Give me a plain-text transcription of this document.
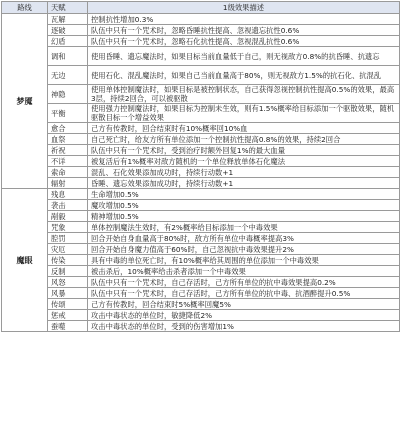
路线	天赋	1级效果描述
梦魇	瓦解	控制抗性增加0.3%
	逐破	队伍中只有一个咒术时，忽略昏睡抗性提高、忽视遗忘抗性0.6%
	幻盾	队伍中只有一个咒术时，忽略石化抗性提高、忽视混乱抗性0.6%
	调和	使用昏睡、遗忘魔法时，如果目标当前血量低于自己，则无视敌方0.8%的抗昏睡、抗遗忘
	无边	使用石化、混乱魔法时，如果自己当前血量高于80%，则无视敌方1.5%的抗石化、抗混乱
	神隐	使用单体控制魔法时，如果目标是被控制状态，自己获得忽视控制抗性提高0.5%的效果，最高3层，持续2回合，可以被驱散
	平衡	使用强力控制魔法时，如果目标为控制未生效，则有1.5%概率给目标添加一个驱散效果，随机驱散目标一个增益效果
	愈合	己方有传教时，回合结束时有10%概率回10%血
	血祭	自己死亡时，给友方所有单位添加一个控制抗性提高0.8%的效果，持续2回合
	祈祝	队伍中只有一个咒术时，受到治疗时额外回复1%的最大血量
	不详	被复活后有1%概率对敌方随机的一个单位释放单体石化魔法
	索命	混乱、石化效果添加成功时，持续行动数+1
	辐射	昏睡、遗忘效果添加成功时，持续行动数+1
魔眼	残息	生命增加0.5%
	袭击	魔攻增加0.5%
	剐毅	精神增加0.5%
	咒象	单体控制魔法生效时，有2%概率给目标添加一个中毒效果
	腔罚	回合开始自身血量高于80%时，敌方所有单位中毒概率提高3%
	灾厄	回合开始自身魔力值高于60%时，自己忽视抗中毒效果提升2%
	传染	具有中毒的单位死亡时，有10%概率给其周围的单位添加一个中毒效果
	反制	被击杀后，10%概率给击杀者添加一个中毒效果
	风怒	队伍中只有一个咒术时，自己存活时，己方所有单位的抗中毒效果提高0.2%
	风暴	队伍中只有一个咒术时，自己存活时，己方所有单位的抗中毒、抗酒醉提升0.5%
	传颂	己方有传教时，回合结束时5%概率回魔5%
	惩戒	攻击中毒状态的单位时，敏捷降低2%
	蚕噬	攻击中毒状态的单位时，受到的伤害增加1%
